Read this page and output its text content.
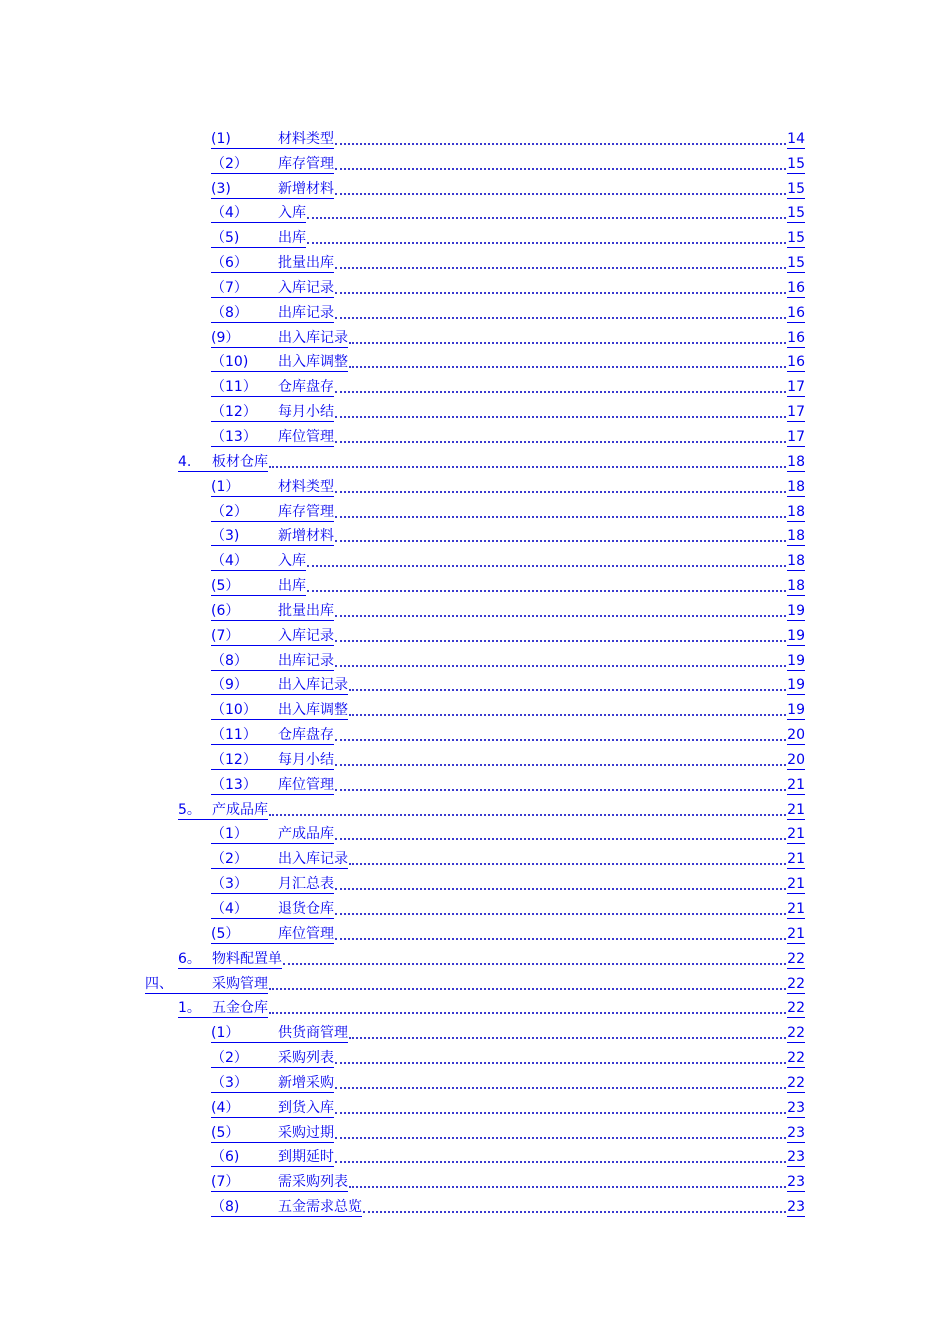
(1)	材料类型	14
（2）	库存管理	15
(3)	新增材料	15
（4）	入库	15
（5)	出库	15
（6）	批量出库	15
（7）	入库记录	16
（8）	出库记录	16
(9）	出入库记录	16
（10)	出入库调整	16
（11）	仓库盘存	17
（12）	每月小结	17
（13）	库位管理	17
4.	板材仓库	18
(1）	材料类型	18
（2）	库存管理	18
（3)	新增材料	18
（4）	入库	18
(5）	出库	18
(6）	批量出库	19
(7）	入库记录	19
（8）	出库记录	19
（9）	出入库记录	19
（10）	出入库调整	19
（11）	仓库盘存	20
（12）	每月小结	20
（13）	库位管理	21
5。 产成品库	21
（1）	产成品库	21
（2）	出入库记录	21
（3）	月汇总表	21
（4）	退货仓库	21
(5）	库位管理	21
6。 物料配置单	22
四、	采购管理	22
1。 五金仓库	22
(1）	供货商管理	22
（2）	采购列表	22
（3）	新增采购	22
(4）	到货入库	23
(5）	采购过期	23
（6)	到期延时	23
(7）	需采购列表	23
（8)	五金需求总览	23
